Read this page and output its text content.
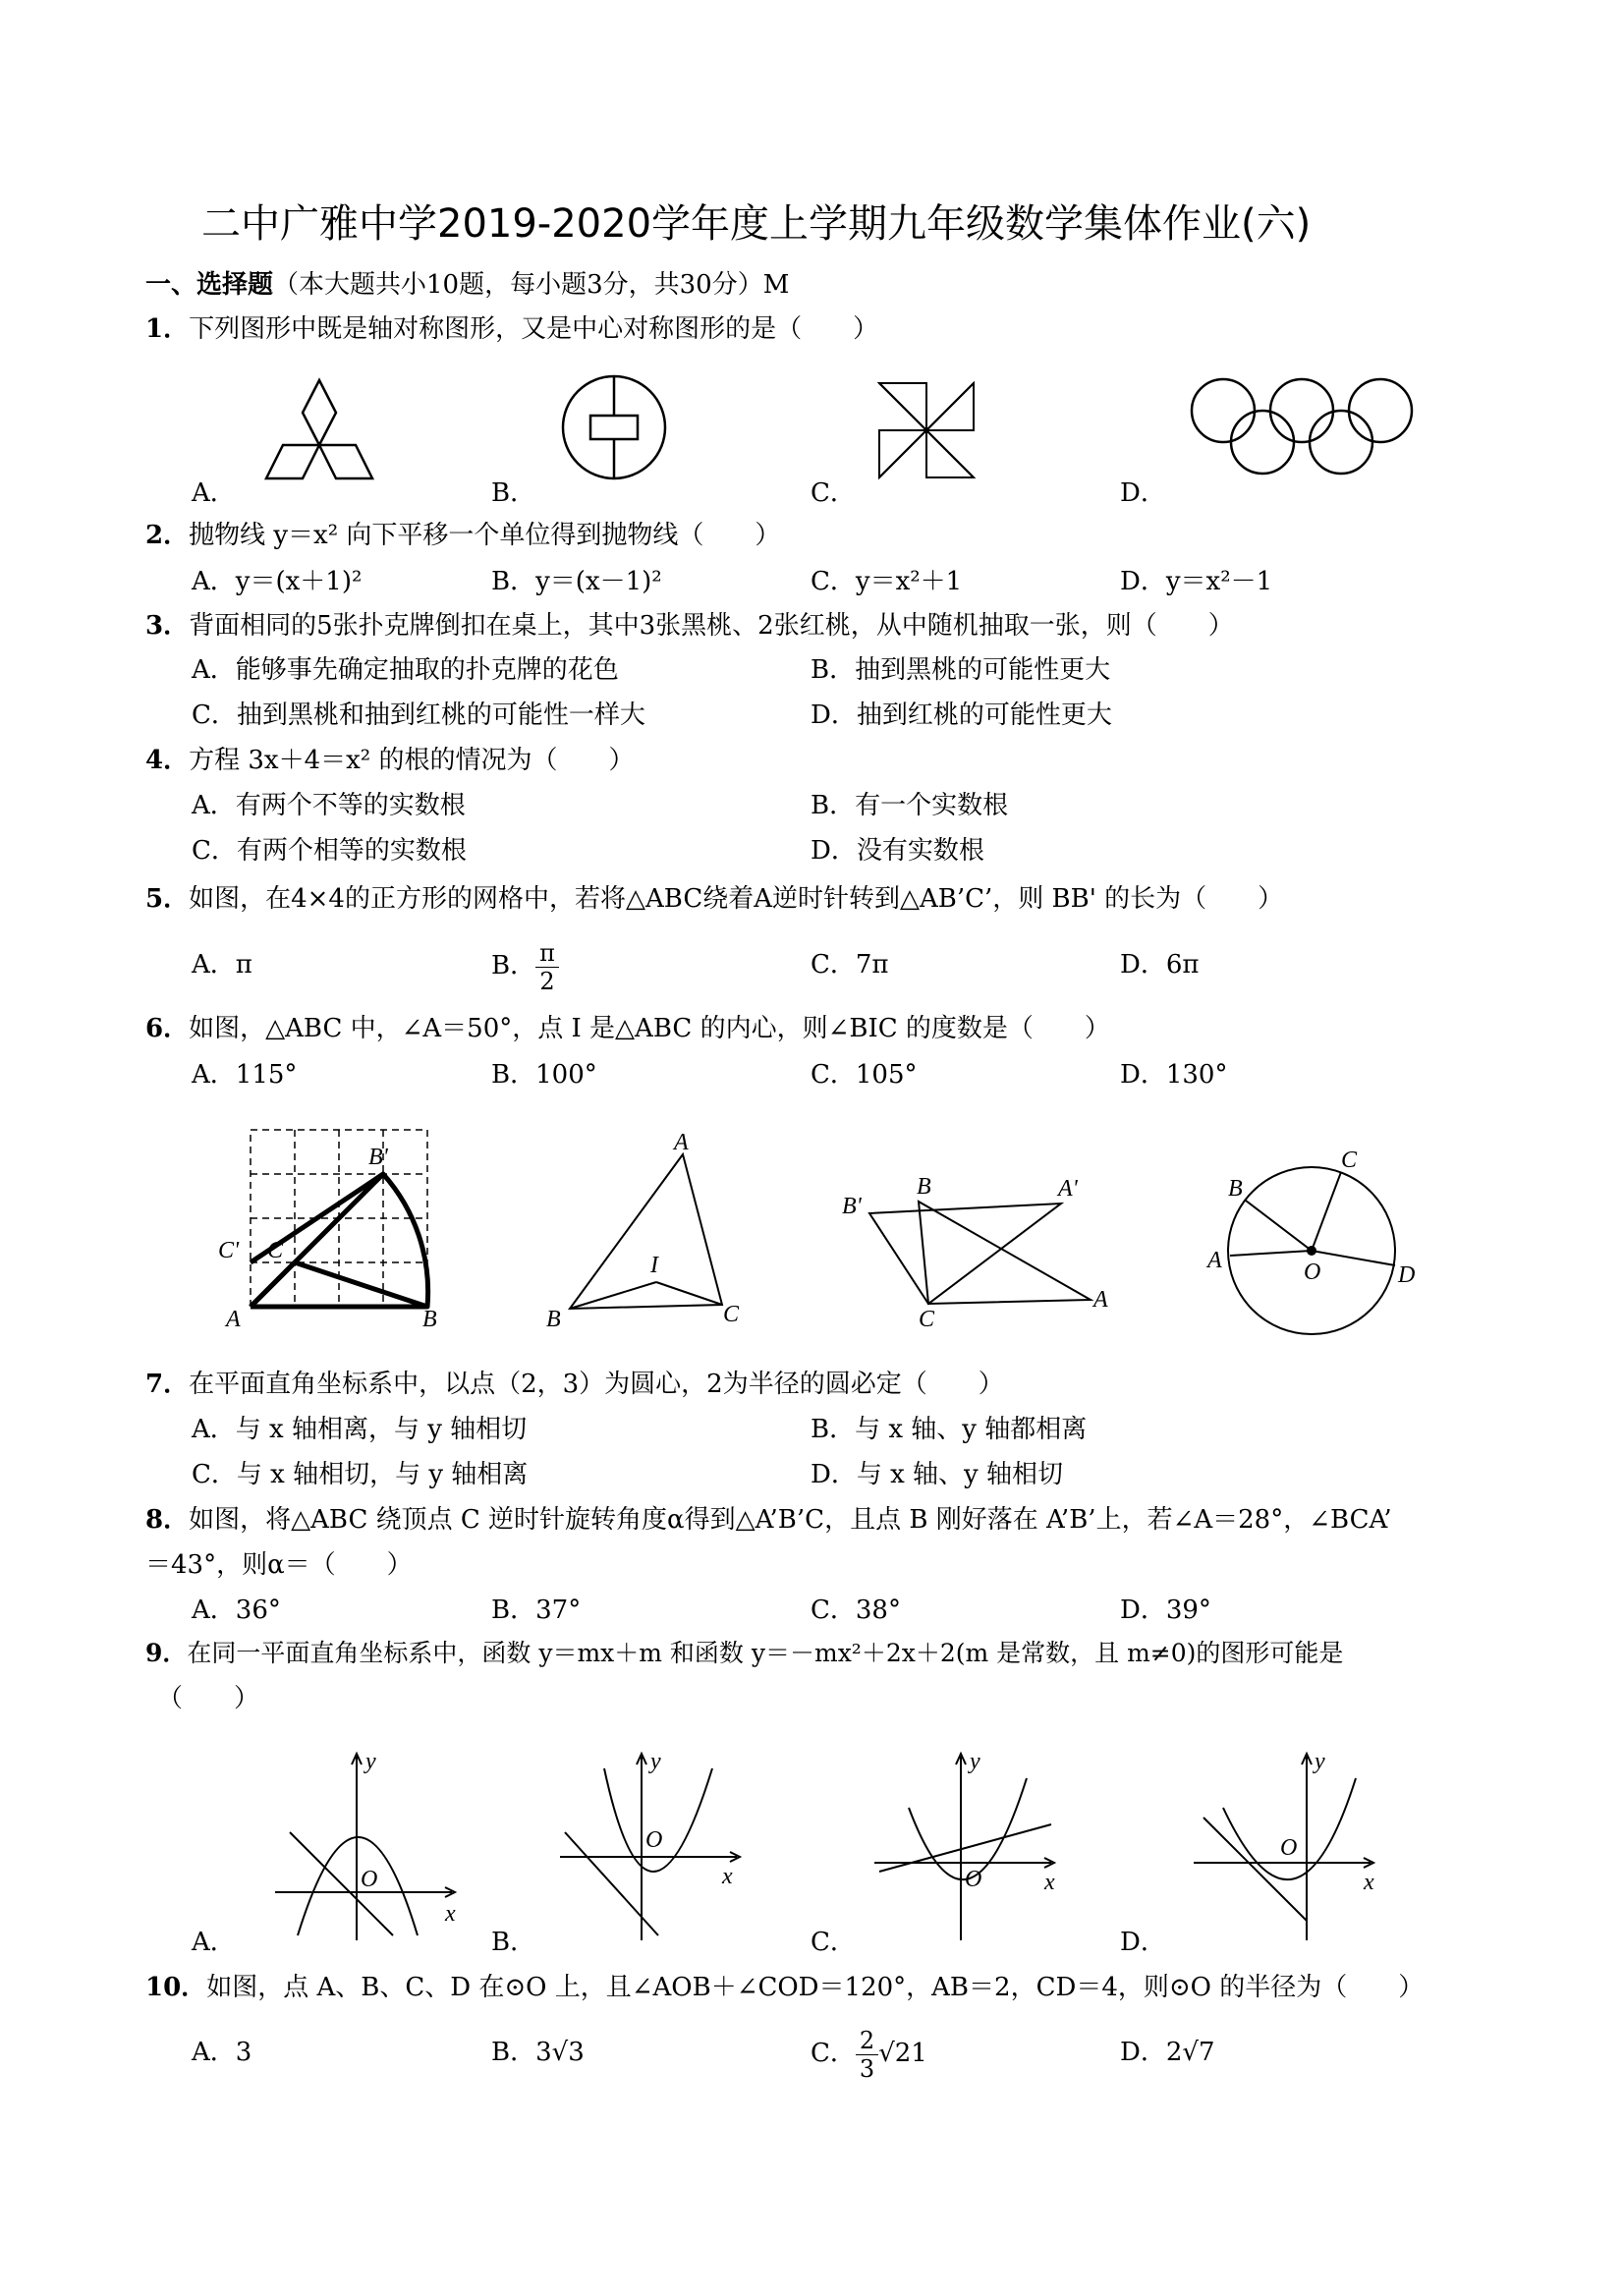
二中广雅中学2019-2020学年度上学期九年级数学集体作业(六)
一、选择题（本大题共小10题，每小题3分，共30分）M
1．下列图形中既是轴对称图形，又是中心对称图形的是（　　）
A．	B．	C．	D．
2．抛物线 y＝x² 向下平移一个单位得到抛物线（　　）
A．y＝(x＋1)²	B．y＝(x－1)²	C．y＝x²＋1	D．y＝x²－1
3．背面相同的5张扑克牌倒扣在桌上，其中3张黑桃、2张红桃，从中随机抽取一张，则（　　）
A．能够事先确定抽取的扑克牌的花色	B．抽到黑桃的可能性更大
C．抽到黑桃和抽到红桃的可能性一样大	D．抽到红桃的可能性更大
4．方程 3x＋4＝x² 的根的情况为（　　）
A．有两个不等的实数根	B．有一个实数根
C．有两个相等的实数根	D．没有实数根
5．如图，在4×4的正方形的网格中，若将△ABC绕着A逆时针转到△AB’C’，则 BB' 的长为（　　）
A．π	B． $\frac{\pi}{2}$	C．7π	D．6π
6．如图，△ABC 中，∠A＝50°，点 I 是△ABC 的内心，则∠BIC 的度数是（　　）
A．115°	B．100°	C．105°	D．130°
B'
C' C
A	B
A
I
B	C
B'
B	A'
C
A
C
B
A	O	D
7．在平面直角坐标系中，以点（2，3）为圆心，2为半径的圆必定（　　）
A．与 x 轴相离，与 y 轴相切	B．与 x 轴、y 轴都相离
C．与 x 轴相切，与 y 轴相离	D．与 x 轴、y 轴相切
8．如图，将△ABC 绕顶点 C 逆时针旋转角度α得到△A’B’C，且点 B 刚好落在 A’B’上，若∠A＝28°，∠BCA’
＝43°，则α＝（　　）
A．36°	B．37°	C．38°	D．39°
9．在同一平面直角坐标系中，函数 y＝mx＋m 和函数 y＝－mx²＋2x＋2(m 是常数，且 m≠0)的图形可能是
（　　）
y
x
O
y
x
O
y
x
O
y
x
O
A．	B．	C．	D．
10．如图，点 A、B、C、D 在⊙O 上，且∠AOB＋∠COD＝120°，AB＝2，CD＝4，则⊙O 的半径为（　　）
A．3	B．3√3	C． $\frac{2}{3} √21$	D．2√7
